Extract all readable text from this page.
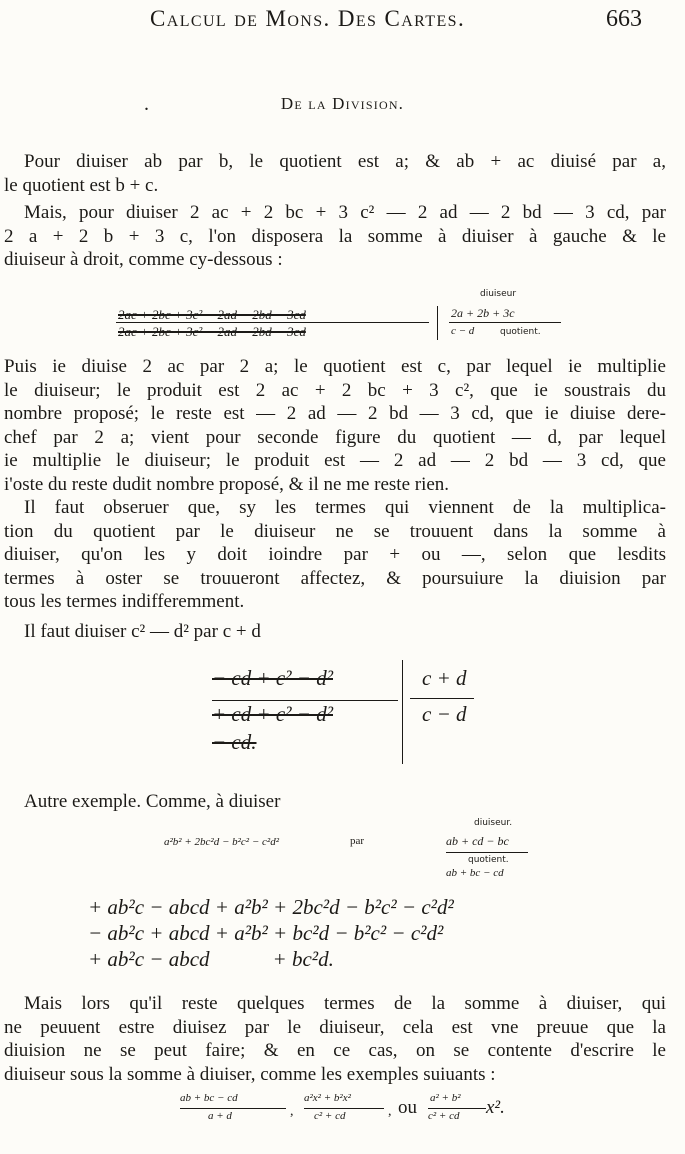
Calcul de Mons. Des Cartes.	663
.	De la Division.
Pour diuiser ab par b, le quotient est a; & ab + ac diuisé par a,
le quotient est b + c.
Mais, pour diuiser 2 ac + 2 bc + 3 c² — 2 ad — 2 bd — 3 cd, par
2 a + 2 b + 3 c, l'on disposera la somme à diuiser à gauche & le
diuiseur à droit, comme cy-dessous :
diuiseur
2ac + 2bc + 3c² − 2ad − 2bd − 3cd
2ac + 2bc + 3c² − 2ad − 2bd − 3cd
2a + 2b + 3c
c − d	quotient.
Puis ie diuise 2 ac par 2 a; le quotient est c, par lequel ie multiplie
le diuiseur; le produit est 2 ac + 2 bc + 3 c², que ie soustrais du
nombre proposé; le reste est — 2 ad — 2 bd — 3 cd, que ie diuise dere-
chef par 2 a; vient pour seconde figure du quotient — d, par lequel
ie multiplie le diuiseur; le produit est — 2 ad — 2 bd — 3 cd, que
i'oste du reste dudit nombre proposé, & il ne me reste rien.
Il faut obseruer que, sy les termes qui viennent de la multiplica-
tion du quotient par le diuiseur ne se trouuent dans la somme à
diuiser, qu'on les y doit ioindre par + ou —, selon que lesdits
termes à oster se trouueront affectez, & poursuiure la diuision par
tous les termes indifferemment.
Il faut diuiser c² — d² par c + d
− cd + c² − d²
+ cd + c² − d²
− cd.
c + d
c − d
Autre exemple. Comme, à diuiser
diuiseur.
a²b² + 2bc²d − b²c² − c²d²	par	ab + cd − bc
quotient.
ab + bc − cd
+ ab²c − abcd + a²b² + 2bc²d − b²c² − c²d²
− ab²c + abcd + a²b² + bc²d − b²c² − c²d²
+ ab²c − abcd            + bc²d.
Mais lors qu'il reste quelques termes de la somme à diuiser, qui
ne peuuent estre diuisez par le diuiseur, cela est vne preuue que la
diuision ne se peut faire; & en ce cas, on se contente d'escrire le
diuiseur sous la somme à diuiser, comme les exemples suiuants :
ab + bc − cd
a + d	,
a²x² + b²x²
c² + cd	, ou a² + b²
c² + cd x².
